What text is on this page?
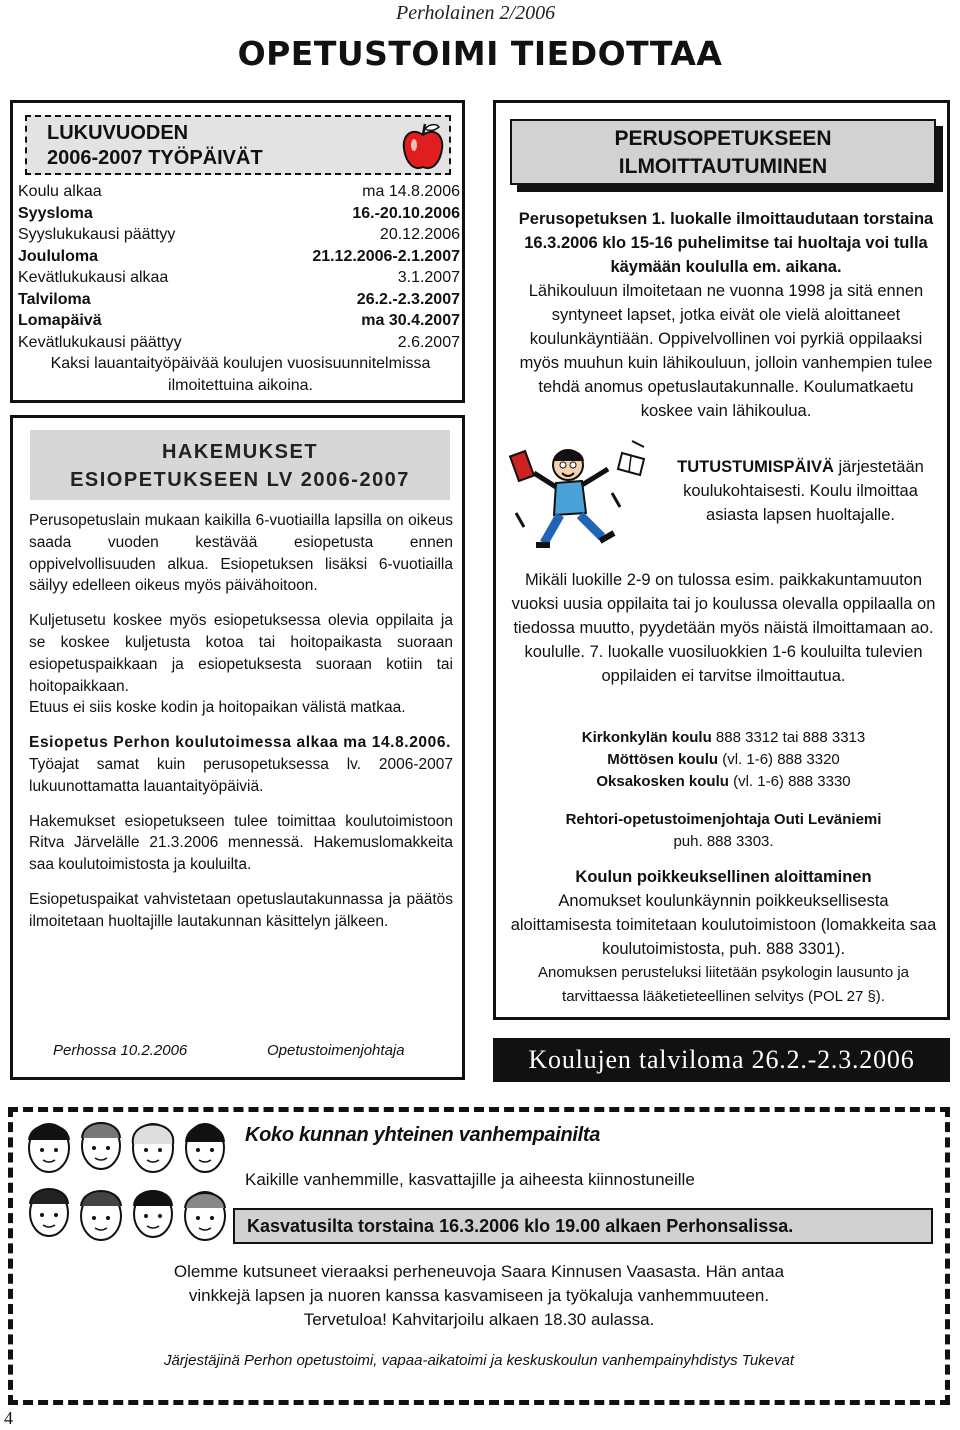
Perholainen 2/2006
OPETUSTOIMI TIEDOTTAA
LUKUVUODEN
2006-2007 TYÖPÄIVÄT
Koulu alkaa	ma 14.8.2006
Syysloma	16.-20.10.2006
Syyslukukausi päättyy	20.12.2006
Joululoma	21.12.2006-2.1.2007
Kevätlukukausi alkaa	3.1.2007
Talviloma	26.2.-2.3.2007
Lomapäivä	ma 30.4.2007
Kevätlukukausi päättyy	2.6.2007
Kaksi lauantaityöpäivää koulujen vuosisuunnitelmissa
ilmoitettuina aikoina.
HAKEMUKSET
ESIOPETUKSEEN LV 2006-2007

Perusopetuslain mukaan kaikilla 6-vuotiailla lapsilla on oikeus saada vuoden kestävää esiopetusta ennen oppivelvollisuuden alkua. Esiopetuksen lisäksi 6-vuotiailla säilyy edelleen oikeus myös päivähoitoon.

Kuljetusetu koskee myös esiopetuksessa olevia oppilaita ja se koskee kuljetusta kotoa tai hoitopaikasta suoraan esiopetuspaikkaan ja esiopetuksesta suoraan kotiin tai hoitopaikkaan.

Etuus ei siis koske kodin ja hoitopaikan välistä matkaa.

Esiopetus Perhon koulutoimessa alkaa ma 14.8.2006.

Työajat samat kuin perusopetuksessa lv. 2006-2007 lukuunottamatta lauantaityöpäiviä.

Hakemukset esiopetukseen tulee toimittaa koulutoimistoon Ritva Järvelälle 21.3.2006 mennessä. Hakemuslomakkeita saa koulutoimistosta ja kouluilta.

Esiopetuspaikat vahvistetaan opetuslautakunnassa ja päätös ilmoitetaan huoltajille lautakunnan käsittelyn jälkeen.

Perhossa 10.2.2006	Opetustoimenjohtaja
PERUSOPETUKSEEN
ILMOITTAUTUMINEN
Perusopetuksen 1. luokalle ilmoittaudutaan torstaina 16.3.2006 klo 15-16 puhelimitse tai huoltaja voi tulla käymään koululla em. aikana.
Lähikouluun ilmoitetaan ne vuonna 1998 ja sitä ennen syntyneet lapset, jotka eivät ole vielä aloittaneet koulunkäyntiään. Oppivelvollinen voi pyrkiä oppilaaksi myös muuhun kuin lähikouluun, jolloin vanhempien tulee tehdä anomus opetuslautakunnalle. Koulumatkaetu koskee vain lähikoulua.
TUTUSTUMISPÄIVÄ järjestetään koulukohtaisesti. Koulu ilmoittaa asiasta lapsen huoltajalle.
Mikäli luokille 2-9 on tulossa esim. paikkakuntamuuton vuoksi uusia oppilaita tai jo koulussa olevalla oppilaalla on tiedossa muutto, pyydetään myös näistä ilmoittamaan ao. koululle. 7. luokalle vuosiluokkien 1-6 kouluilta tulevien oppilaiden ei tarvitse ilmoittautua.
Kirkonkylän koulu 888 3312 tai 888 3313
Möttösen koulu (vl. 1-6) 888 3320
Oksakosken koulu (vl. 1-6) 888 3330
Rehtori-opetustoimenjohtaja Outi Leväniemi
puh. 888 3303.
Koulun poikkeuksellinen aloittaminen
Anomukset koulunkäynnin poikkeuksellisesta aloittamisesta toimitetaan koulutoimistoon (lomakkeita saa koulutoimistosta, puh. 888 3301).
Anomuksen perusteluksi liitetään psykologin lausunto ja tarvittaessa lääketieteellinen selvitys (POL 27 §).
Koulujen talviloma 26.2.-2.3.2006
Koko kunnan yhteinen vanhempainilta
Kaikille vanhemmille, kasvattajille ja aiheesta kiinnostuneille
Kasvatusilta torstaina 16.3.2006 klo 19.00 alkaen Perhonsalissa.
Olemme kutsuneet vieraaksi perheneuvoja Saara Kinnusen Vaasasta. Hän antaa
vinkkejä lapsen ja nuoren kanssa kasvamiseen ja työkaluja vanhemmuuteen.
Tervetuloa! Kahvitarjoilu alkaen 18.30 aulassa.
Järjestäjinä Perhon opetustoimi, vapaa-aikatoimi ja keskuskoulun vanhempainyhdistys Tukevat
4
